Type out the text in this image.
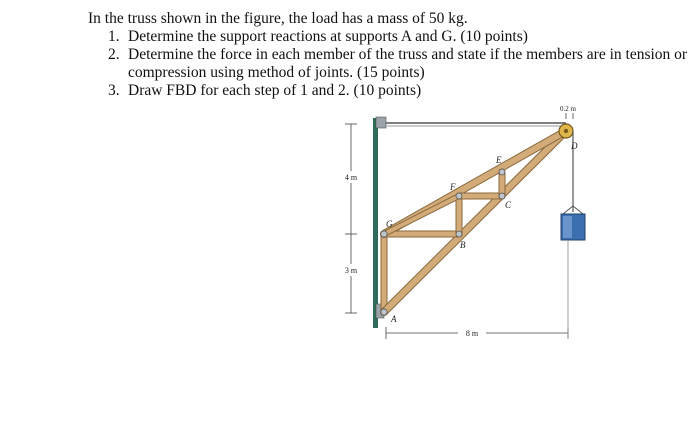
In the truss shown in the figure, the load has a mass of 50 kg.

1. Determine the support reactions at supports A and G. (10 points)

2. Determine the force in each member of the truss and state if the members are in tension or compression using method of joints. (15 points)

3. Draw FBD for each step of 1 and 2. (10 points)

0.2 m
4 m
3 m
8 m
A
G
B
F
C
E
D
